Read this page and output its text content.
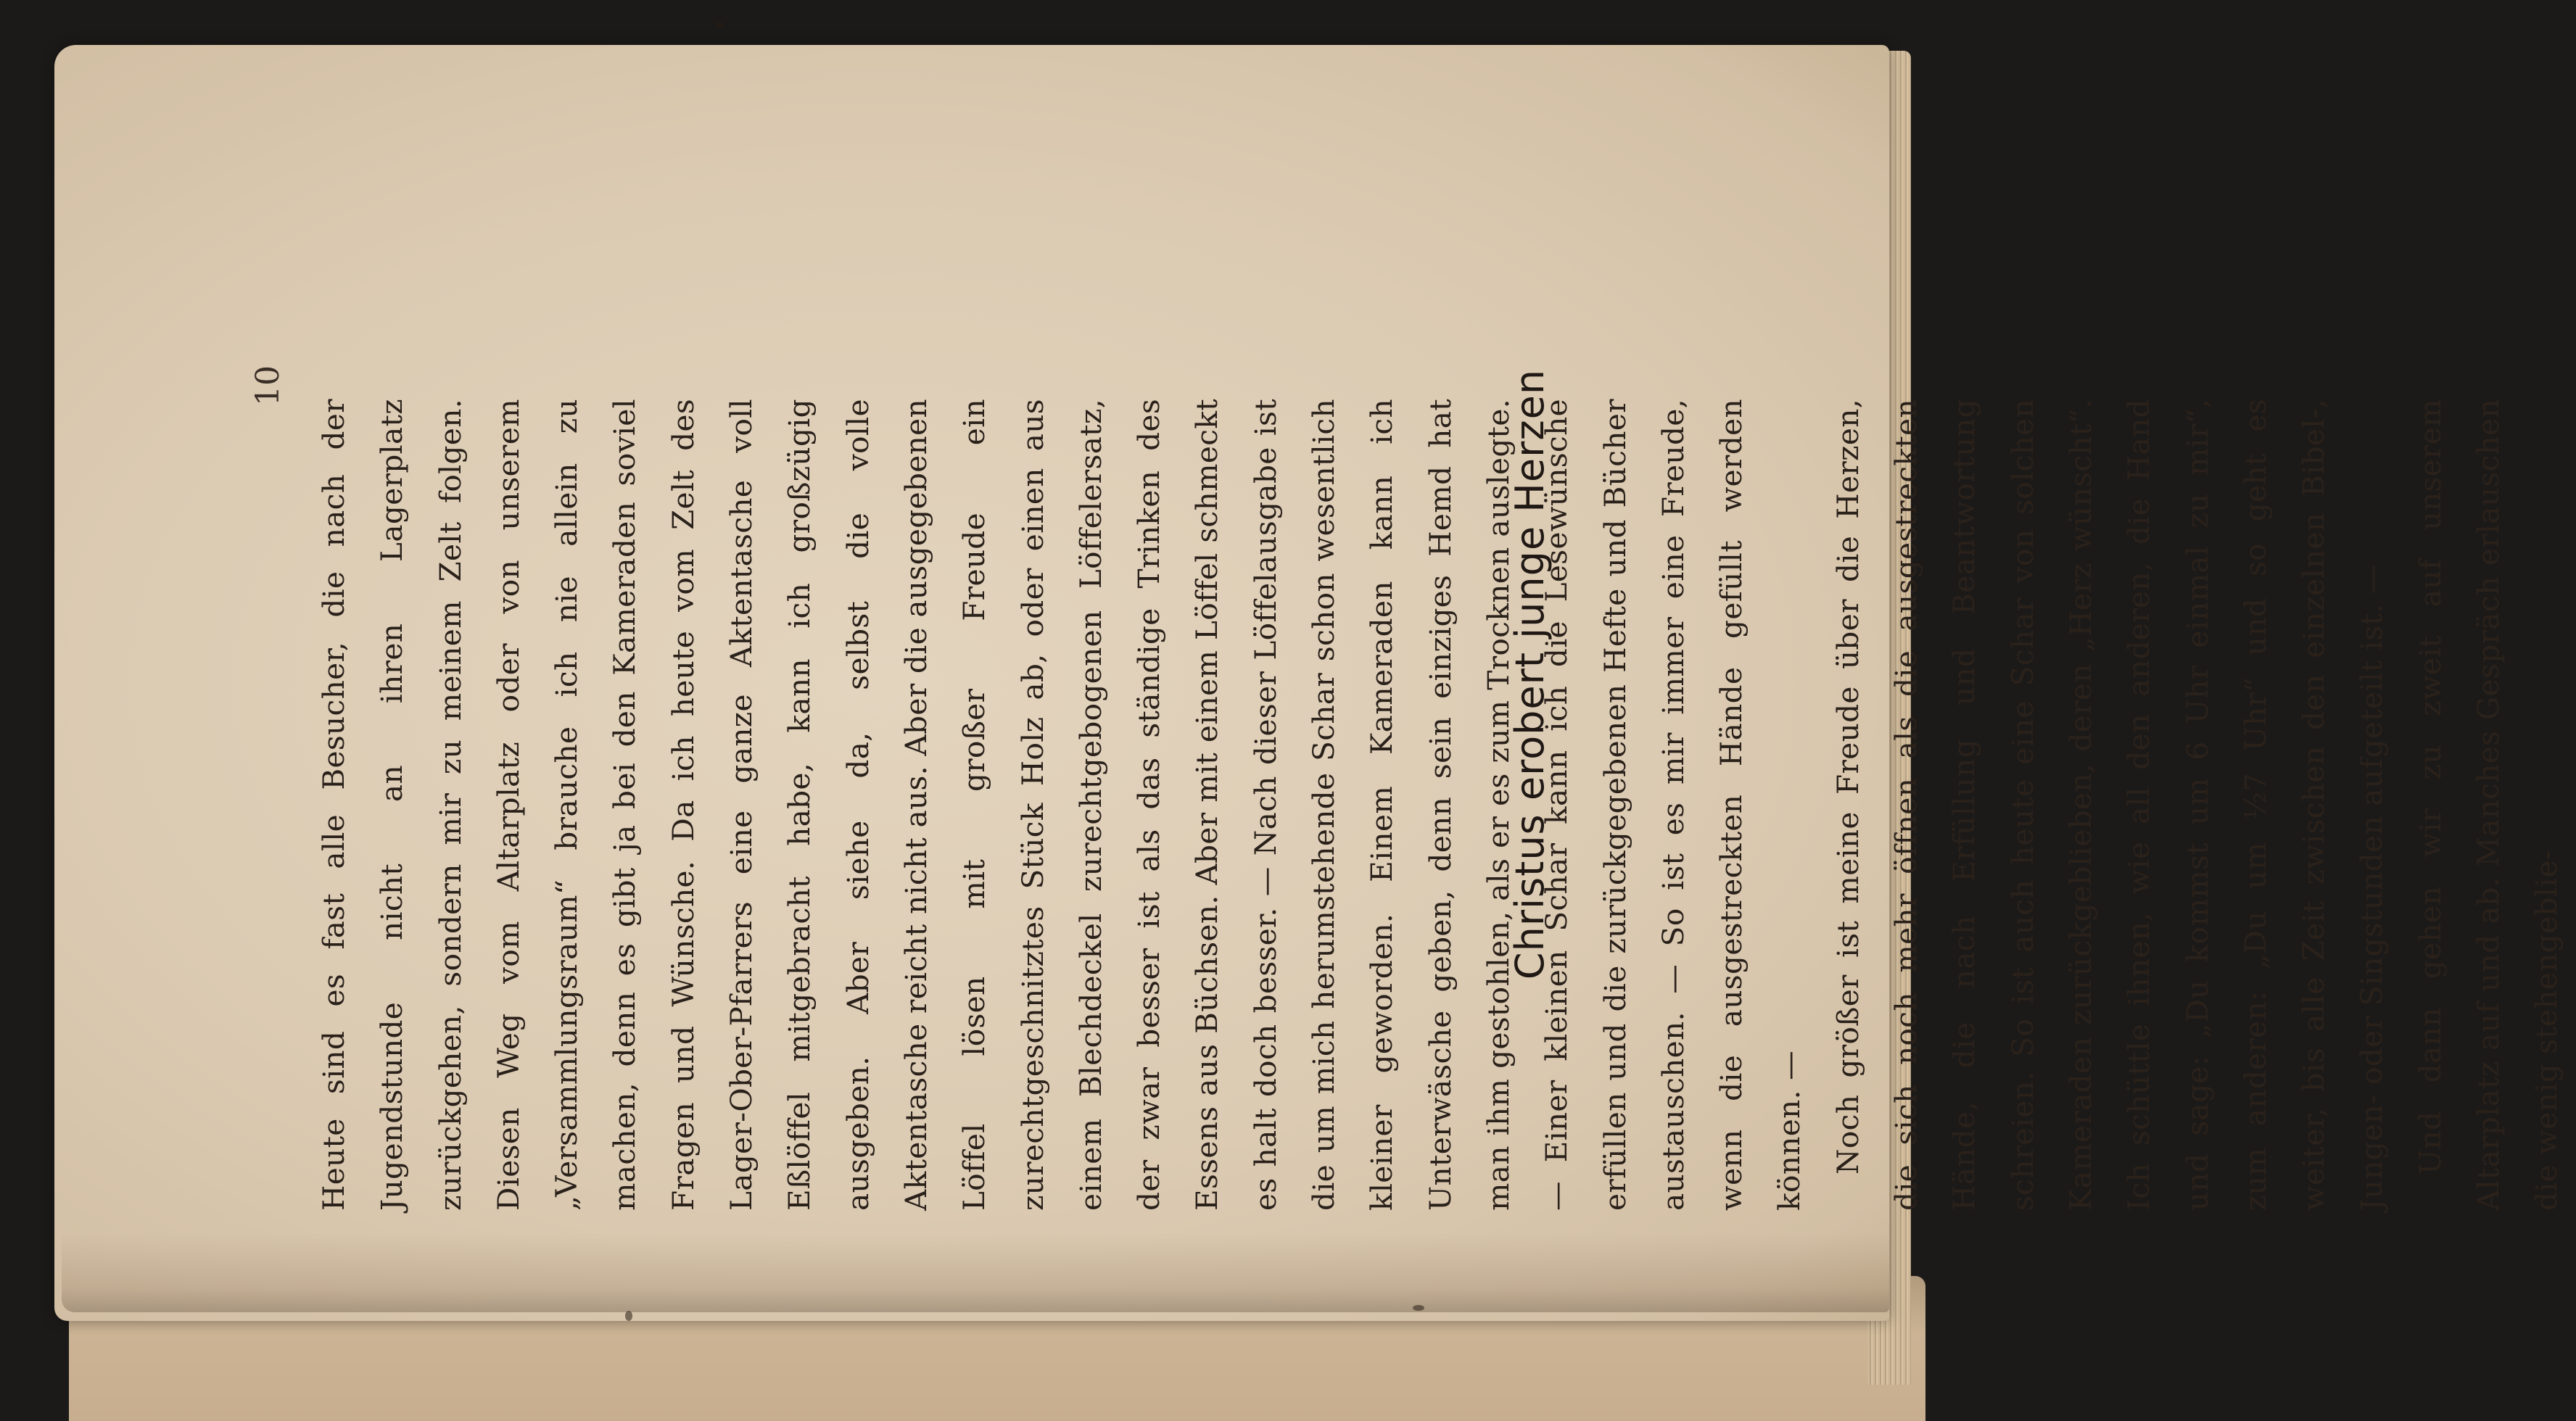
10

Heute sind es fast alle Besucher, die nach der Jugendstunde nicht an ihren Lagerplatz zurückgehen, sondern mir zu meinem Zelt folgen. Diesen Weg vom Altarplatz oder von unserem „Versammlungsraum“ brauche ich nie allein zu machen, denn es gibt ja bei den Kameraden soviel Fragen und Wünsche. Da ich heute vom Zelt des Lager-Ober-Pfarrers eine ganze Aktentasche voll Eßlöffel mitgebracht habe, kann ich großzügig ausgeben. Aber siehe da, selbst die volle Aktentasche reicht nicht aus. Aber die ausgegebenen Löffel lösen mit großer Freude ein zurechtgeschnitztes Stück Holz ab, oder einen aus einem Blechdeckel zurechtgebogenen Löffelersatz, der zwar besser ist als das ständige Trinken des Essens aus Büchsen. Aber mit einem Löffel schmeckt es halt doch besser. — Nach dieser Löffelausgabe ist die um mich herumstehende Schar schon wesentlich kleiner geworden. Einem Kameraden kann ich Unterwäsche geben, denn sein einziges Hemd hat man ihm gestohlen, als er es zum Trocknen auslegte. — Einer kleinen Schar kann ich die Lesewünsche erfüllen und die zurückgegebenen Hefte und Bücher austauschen. — So ist es mir immer eine Freude, wenn die ausgestreckten Hände gefüllt werden können. — Noch größer ist meine Freude über die Herzen, die sich noch mehr öffnen als die ausgestreckten Hände, die nach Erfüllung und Beantwortung schreien. So ist auch heute eine Schar von solchen Kameraden zurückgeblieben, deren „Herz wünscht“. Ich schüttle ihnen, wie all den anderen, die Hand und sage: „Du kommst um 6 Uhr einmal zu mir“, zum anderen: „Du um ½7 Uhr“ und so geht es weiter, bis alle Zeit zwischen den einzelnen Bibel-, Jungen- oder Singstunden aufgeteilt ist. — Und dann gehen wir zu zweit auf unserem Altarplatz auf und ab. Manches Gespräch erlauschen die wenig stehengeblie-

Christus erobert junge Herzen
